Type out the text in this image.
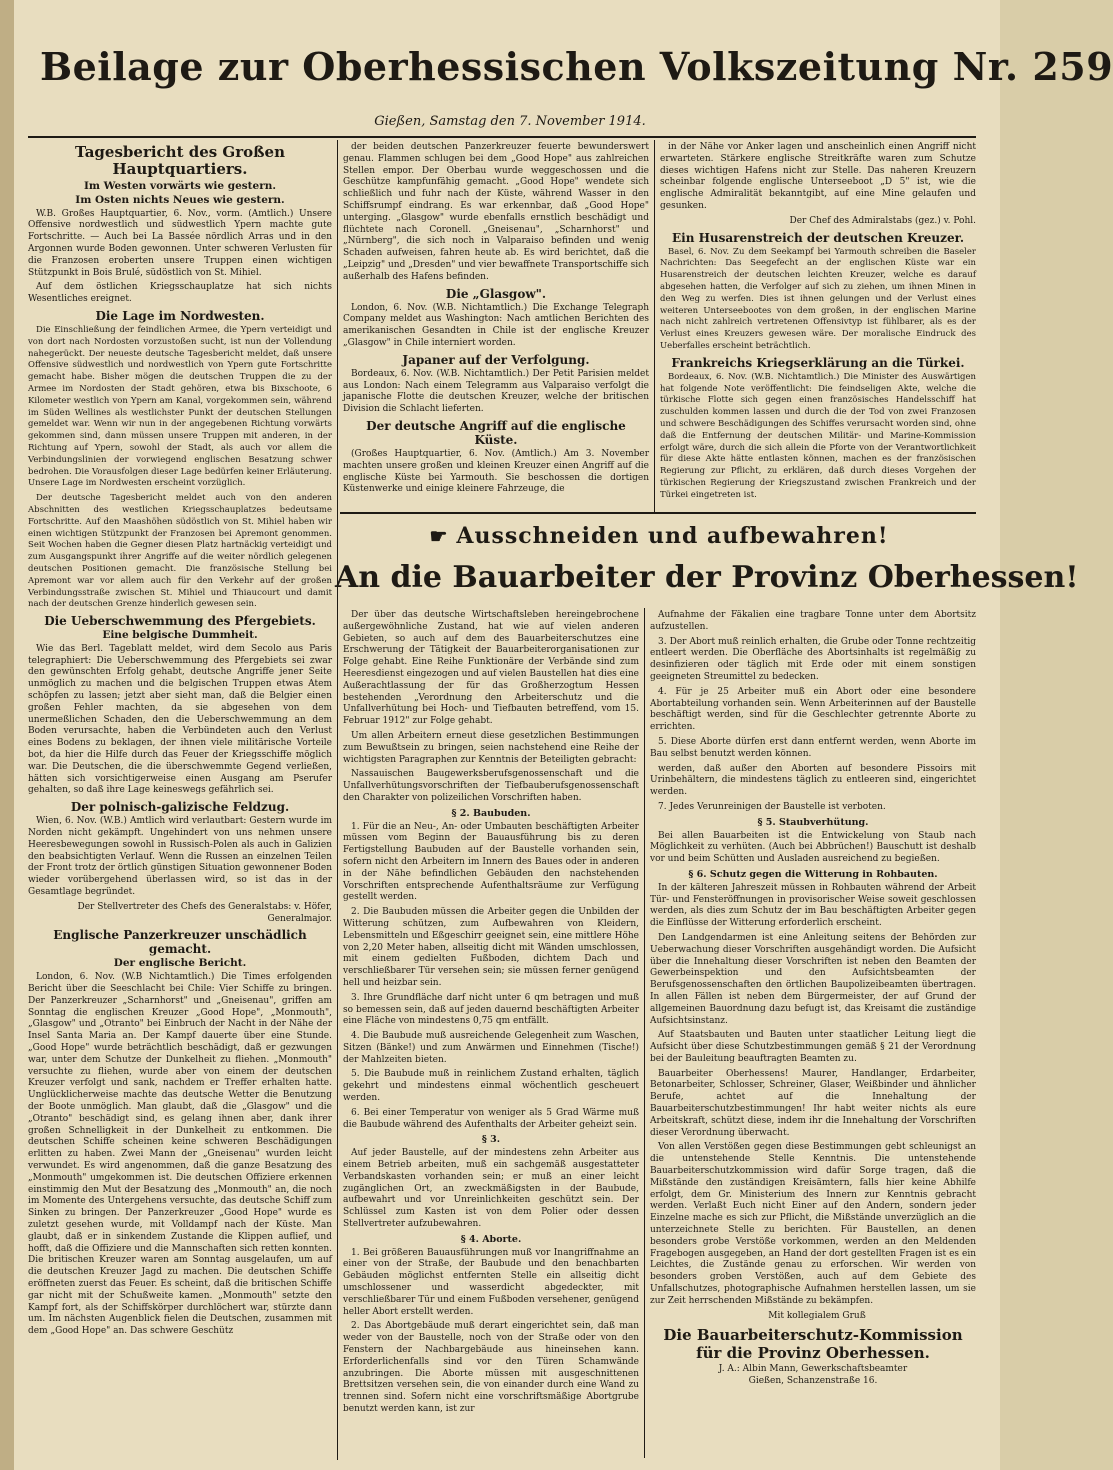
Beilage zur Oberhessischen Volkszeitung Nr. 259
Gießen, Samstag den 7. November 1914.
Tagesbericht des Großen Hauptquartiers.
Im Westen vorwärts wie gestern.
Im Osten nichts Neues wie gestern.

W.B. Großes Hauptquartier, 6. Nov., vorm. (Amtlich.) Unsere Offensive nordwestlich und südwestlich Ypern machte gute Fortschritte. — Auch bei La Bassée nördlich Arras und in den Argonnen wurde Boden gewonnen. Unter schweren Verlusten für die Franzosen eroberten unsere Truppen einen wichtigen Stützpunkt in Bois Brulé, südöstlich von St. Mihiel.

Auf dem östlichen Kriegsschauplatze hat sich nichts Wesentliches ereignet.

Die Lage im Nordwesten.

Die Einschließung der feindlichen Armee, die Ypern verteidigt und von dort nach Nordosten vorzustoßen sucht, ist nun der Vollendung nahegerückt. Der neueste deutsche Tagesbericht meldet, daß unsere Offensive südwestlich und nordwestlich von Ypern gute Fortschritte gemacht habe. Bisher mögen die deutschen Truppen die zu der Armee im Nordosten der Stadt gehören, etwa bis Bixschoote, 6 Kilometer westlich von Ypern am Kanal, vorgekommen sein, während im Süden Wellines als westlichster Punkt der deutschen Stellungen gemeldet war. Wenn wir nun in der angegebenen Richtung vorwärts gekommen sind, dann müssen unsere Truppen mit anderen, in der Richtung auf Ypern, sowohl der Stadt, als auch vor allem die Verbindungslinien der vorwiegend englischen Besatzung schwer bedrohen. Die Vorausfolgen dieser Lage bedürfen keiner Erläuterung. Unsere Lage im Nordwesten erscheint vorzüglich.

Der deutsche Tagesbericht meldet auch von den anderen Abschnitten des westlichen Kriegsschauplatzes bedeutsame Fortschritte. Auf den Maashöhen südöstlich von St. Mihiel haben wir einen wichtigen Stützpunkt der Franzosen bei Apremont genommen. Seit Wochen haben die Gegner diesen Platz hartnäckig verteidigt und zum Ausgangspunkt ihrer Angriffe auf die weiter nördlich gelegenen deutschen Positionen gemacht. Die französische Stellung bei Apremont war vor allem auch für den Verkehr auf der großen Verbindungsstraße zwischen St. Mihiel und Thiaucourt und damit nach der deutschen Grenze hinderlich gewesen sein.

Die Ueberschwemmung des Pfergebiets.
Eine belgische Dummheit.

Wie das Berl. Tageblatt meldet, wird dem Secolo aus Paris telegraphiert: Die Ueberschwemmung des Pfergebiets sei zwar den gewünschten Erfolg gehabt, deutsche Angriffe jener Seite unmöglich zu machen und die belgischen Truppen etwas Atem schöpfen zu lassen; jetzt aber sieht man, daß die Belgier einen großen Fehler machten, da sie abgesehen von dem unermeßlichen Schaden, den die Ueberschwemmung an dem Boden verursachte, haben die Verbündeten auch den Verlust eines Bodens zu beklagen, der ihnen viele militärische Vorteile bot, da hier die Hilfe durch das Feuer der Kriegsschiffe möglich war. Die Deutschen, die die überschwemmte Gegend verließen, hätten sich vorsichtigerweise einen Ausgang am Pserufer gehalten, so daß ihre Lage keineswegs gefährlich sei.

Der polnisch-galizische Feldzug.

Wien, 6. Nov. (W.B.) Amtlich wird verlautbart: Gestern wurde im Norden nicht gekämpft. Ungehindert von uns nehmen unsere Heeresbewegungen sowohl in Russisch-Polen als auch in Galizien den beabsichtigten Verlauf. Wenn die Russen an einzelnen Teilen der Front trotz der örtlich günstigen Situation gewonnener Boden wieder vorübergehend überlassen wird, so ist das in der Gesamtlage begründet.

Der Stellvertreter des Chefs des Generalstabs: v. Höfer, Generalmajor.

Englische Panzerkreuzer unschädlich gemacht.
Der englische Bericht.

London, 6. Nov. (W.B Nichtamtlich.) Die Times erfolgenden Bericht über die Seeschlacht bei Chile: Vier Schiffe zu bringen. Der Panzerkreuzer „Scharnhorst" und „Gneisenau", griffen am Sonntag die englischen Kreuzer „Good Hope", „Monmouth", „Glasgow" und „Otranto" bei Einbruch der Nacht in der Nähe der Insel Santa Maria an. Der Kampf dauerte über eine Stunde. „Good Hope" wurde beträchtlich beschädigt, daß er gezwungen war, unter dem Schutze der Dunkelheit zu fliehen. „Monmouth" versuchte zu fliehen, wurde aber von einem der deutschen Kreuzer verfolgt und sank, nachdem er Treffer erhalten hatte. Unglücklicherweise machte das deutsche Wetter die Benutzung der Boote unmöglich. Man glaubt, daß die „Glasgow" und die „Otranto" beschädigt sind, es gelang ihnen aber, dank ihrer großen Schnelligkeit in der Dunkelheit zu entkommen. Die deutschen Schiffe scheinen keine schweren Beschädigungen erlitten zu haben. Zwei Mann der „Gneisenau" wurden leicht verwundet. Es wird angenommen, daß die ganze Besatzung des „Monmouth" umgekommen ist. Die deutschen Offiziere erkennen einstimmig den Mut der Besatzung des „Monmouth" an, die noch im Momente des Untergehens versuchte, das deutsche Schiff zum Sinken zu bringen. Der Panzerkreuzer „Good Hope" wurde es zuletzt gesehen wurde, mit Volldampf nach der Küste. Man glaubt, daß er in sinkendem Zustande die Klippen auflief, und hofft, daß die Offiziere und die Mannschaften sich retten konnten. Die britischen Kreuzer waren am Sonntag ausgelaufen, um auf die deutschen Kreuzer Jagd zu machen. Die deutschen Schiffe eröffneten zuerst das Feuer. Es scheint, daß die britischen Schiffe gar nicht mit der Schußweite kamen. „Monmouth" setzte den Kampf fort, als der Schiffskörper durchlöchert war, stürzte dann um. Im nächsten Augenblick fielen die Deutschen, zusammen mit dem „Good Hope" an. Das schwere Geschütz

der beiden deutschen Panzerkreuzer feuerte bewunderswert genau. Flammen schlugen bei dem „Good Hope" aus zahlreichen Stellen empor. Der Oberbau wurde weggeschossen und die Geschütze kampfunfähig gemacht. „Good Hope" wendete sich schließlich und fuhr nach der Küste, während Wasser in den Schiffsrumpf eindrang. Es war erkennbar, daß „Good Hope" unterging. „Glasgow" wurde ebenfalls ernstlich beschädigt und flüchtete nach Coronell. „Gneisenau", „Scharnhorst" und „Nürnberg", die sich noch in Valparaiso befinden und wenig Schaden aufweisen, fahren heute ab. Es wird berichtet, daß die „Leipzig" und „Dresden" und vier bewaffnete Transportschiffe sich außerhalb des Hafens befinden.

Die „Glasgow".

London, 6. Nov. (W.B. Nichtamtlich.) Die Exchange Telegraph Company meldet aus Washington: Nach amtlichen Berichten des amerikanischen Gesandten in Chile ist der englische Kreuzer „Glasgow" in Chile interniert worden.

Japaner auf der Verfolgung.

Bordeaux, 6. Nov. (W.B. Nichtamtlich.) Der Petit Parisien meldet aus London: Nach einem Telegramm aus Valparaiso verfolgt die japanische Flotte die deutschen Kreuzer, welche der britischen Division die Schlacht lieferten.

Der deutsche Angriff auf die englische Küste.

(Großes Hauptquartier, 6. Nov. (Amtlich.) Am 3. November machten unsere großen und kleinen Kreuzer einen Angriff auf die englische Küste bei Yarmouth. Sie beschossen die dortigen Küstenwerke und einige kleinere Fahrzeuge, die

in der Nähe vor Anker lagen und anscheinlich einen Angriff nicht erwarteten. Stärkere englische Streitkräfte waren zum Schutze dieses wichtigen Hafens nicht zur Stelle. Das naheren Kreuzern scheinbar folgende englische Unterseeboot „D 5" ist, wie die englische Admiralität bekanntgibt, auf eine Mine gelaufen und gesunken.

Der Chef des Admiralstabs (gez.) v. Pohl.

Ein Husarenstreich der deutschen Kreuzer.

Basel, 6. Nov. Zu dem Seekampf bei Yarmouth schreiben die Baseler Nachrichten: Das Seegefecht an der englischen Küste war ein Husarenstreich der deutschen leichten Kreuzer, welche es darauf abgesehen hatten, die Verfolger auf sich zu ziehen, um ihnen Minen in den Weg zu werfen. Dies ist ihnen gelungen und der Verlust eines weiteren Unterseebootes von dem großen, in der englischen Marine nach nicht zahlreich vertretenen Offensivtyp ist fühlbarer, als es der Verlust eines Kreuzers gewesen wäre. Der moralische Eindruck des Ueberfalles erscheint beträchtlich.

Frankreichs Kriegserklärung an die Türkei.

Bordeaux, 6. Nov. (W.B. Nichtamtlich.) Die Minister des Auswärtigen hat folgende Note veröffentlicht: Die feindseligen Akte, welche die türkische Flotte sich gegen einen französisches Handelsschiff hat zuschulden kommen lassen und durch die der Tod von zwei Franzosen und schwere Beschädigungen des Schiffes verursacht worden sind, ohne daß die Entfernung der deutschen Militär- und Marine-Kommission erfolgt wäre, durch die sich allein die Pforte von der Verantwortlichkeit für diese Akte hätte entlasten können, machen es der französischen Regierung zur Pflicht, zu erklären, daß durch dieses Vorgehen der türkischen Regierung der Kriegszustand zwischen Frankreich und der Türkei eingetreten ist.

☛ Ausschneiden und aufbewahren!
An die Bauarbeiter der Provinz Oberhessen!

Der über das deutsche Wirtschaftsleben hereingebrochene außergewöhnliche Zustand, hat wie auf vielen anderen Gebieten, so auch auf dem des Bauarbeiterschutzes eine Erschwerung der Tätigkeit der Bauarbeiterorganisationen zur Folge gehabt. Eine Reihe Funktionäre der Verbände sind zum Heeresdienst eingezogen und auf vielen Baustellen hat dies eine Außerachtlassung der für das Großherzogtum Hessen bestehenden „Verordnung den Arbeiterschutz und die Unfallverhütung bei Hoch- und Tiefbauten betreffend, vom 15. Februar 1912" zur Folge gehabt.

Um allen Arbeitern erneut diese gesetzlichen Bestimmungen zum Bewußtsein zu bringen, seien nachstehend eine Reihe der wichtigsten Paragraphen zur Kenntnis der Beteiligten gebracht:

Nassauischen Baugewerksberufsgenossenschaft und die Unfallverhütungsvorschriften der Tiefbauberufsgenossenschaft den Charakter von polizeilichen Vorschriften haben.

§ 2. Baubuden.

1. Für die an Neu-, An- oder Umbauten beschäftigten Arbeiter müssen vom Beginn der Bauausführung bis zu deren Fertigstellung Baubuden auf der Baustelle vorhanden sein, sofern nicht den Arbeitern im Innern des Baues oder in anderen in der Nähe befindlichen Gebäuden den nachstehenden Vorschriften entsprechende Aufenthaltsräume zur Verfügung gestellt werden.

2. Die Baubuden müssen die Arbeiter gegen die Unbilden der Witterung schützen, zum Aufbewahren von Kleidern, Lebensmitteln und Eßgeschirr geeignet sein, eine mittlere Höhe von 2,20 Meter haben, allseitig dicht mit Wänden umschlossen, mit einem gedielten Fußboden, dichtem Dach und verschließbarer Tür versehen sein; sie müssen ferner genügend hell und heizbar sein.

3. Ihre Grundfläche darf nicht unter 6 qm betragen und muß so bemessen sein, daß auf jeden dauernd beschäftigten Arbeiter eine Fläche von mindestens 0,75 qm entfällt.

4. Die Baubude muß ausreichende Gelegenheit zum Waschen, Sitzen (Bänke!) und zum Anwärmen und Einnehmen (Tische!) der Mahlzeiten bieten.

5. Die Baubude muß in reinlichem Zustand erhalten, täglich gekehrt und mindestens einmal wöchentlich gescheuert werden.

6. Bei einer Temperatur von weniger als 5 Grad Wärme muß die Baubude während des Aufenthalts der Arbeiter geheizt sein.

§ 3.

Auf jeder Baustelle, auf der mindestens zehn Arbeiter aus einem Betrieb arbeiten, muß ein sachgemäß ausgestatteter Verbandskasten vorhanden sein; er muß an einer leicht zugänglichen Ort, an zweckmäßigsten in der Baubude, aufbewahrt und vor Unreinlichkeiten geschützt sein. Der Schlüssel zum Kasten ist von dem Polier oder dessen Stellvertreter aufzubewahren.

§ 4. Aborte.

1. Bei größeren Bauausführungen muß vor Inangriffnahme an einer von der Straße, der Baubude und den benachbarten Gebäuden möglichst entfernten Stelle ein allseitig dicht umschlossener und wasserdicht abgedeckter, mit verschließbarer Tür und einem Fußboden versehener, genügend heller Abort erstellt werden.

2. Das Abortgebäude muß derart eingerichtet sein, daß man weder von der Baustelle, noch von der Straße oder von den Fenstern der Nachbargebäude aus hineinsehen kann. Erforderlichenfalls sind vor den Türen Schamwände anzubringen. Die Aborte müssen mit ausgeschnittenen Brettsitzen versehen sein, die von einander durch eine Wand zu trennen sind. Sofern nicht eine vorschriftsmäßige Abortgrube benutzt werden kann, ist zur

Aufnahme der Fäkalien eine tragbare Tonne unter dem Abortsitz aufzustellen.

3. Der Abort muß reinlich erhalten, die Grube oder Tonne rechtzeitig entleert werden. Die Oberfläche des Abortsinhalts ist regelmäßig zu desinfizieren oder täglich mit Erde oder mit einem sonstigen geeigneten Streumittel zu bedecken.

4. Für je 25 Arbeiter muß ein Abort oder eine besondere Abortabteilung vorhanden sein. Wenn Arbeiterinnen auf der Baustelle beschäftigt werden, sind für die Geschlechter getrennte Aborte zu errichten.

5. Diese Aborte dürfen erst dann entfernt werden, wenn Aborte im Bau selbst benutzt werden können.

werden, daß außer den Aborten auf besondere Pissoirs mit Urinbehältern, die mindestens täglich zu entleeren sind, eingerichtet werden.

7. Jedes Verunreinigen der Baustelle ist verboten.

§ 5. Staubverhütung.

Bei allen Bauarbeiten ist die Entwickelung von Staub nach Möglichkeit zu verhüten. (Auch bei Abbrüchen!) Bauschutt ist deshalb vor und beim Schütten und Ausladen ausreichend zu begießen.

§ 6. Schutz gegen die Witterung in Rohbauten.

In der kälteren Jahreszeit müssen in Rohbauten während der Arbeit Tür- und Fensteröffnungen in provisorischer Weise soweit geschlossen werden, als dies zum Schutz der im Bau beschäftigten Arbeiter gegen die Einflüsse der Witterung erforderlich erscheint.

Den Landgendarmen ist eine Anleitung seitens der Behörden zur Ueberwachung dieser Vorschriften ausgehändigt worden. Die Aufsicht über die Innehaltung dieser Vorschriften ist neben den Beamten der Gewerbeinspektion und den Aufsichtsbeamten der Berufsgenossenschaften den örtlichen Baupolizeibeamten übertragen. In allen Fällen ist neben dem Bürgermeister, der auf Grund der allgemeinen Bauordnung dazu befugt ist, das Kreisamt die zuständige Aufsichtsinstanz.

Auf Staatsbauten und Bauten unter staatlicher Leitung liegt die Aufsicht über diese Schutzbestimmungen gemäß § 21 der Verordnung bei der Bauleitung beauftragten Beamten zu.

Bauarbeiter Oberhessens! Maurer, Handlanger, Erdarbeiter, Betonarbeiter, Schlosser, Schreiner, Glaser, Weißbinder und ähnlicher Berufe, achtet auf die Innehaltung der Bauarbeiterschutzbestimmungen! Ihr habt weiter nichts als eure Arbeitskraft, schützt diese, indem ihr die Innehaltung der Vorschriften dieser Verordnung überwacht.

Von allen Verstößen gegen diese Bestimmungen gebt schleunigst an die untenstehende Stelle Kenntnis. Die untenstehende Bauarbeiterschutzkommission wird dafür Sorge tragen, daß die Mißstände den zuständigen Kreisämtern, falls hier keine Abhilfe erfolgt, dem Gr. Ministerium des Innern zur Kenntnis gebracht werden. Verlaßt Euch nicht Einer auf den Andern, sondern jeder Einzelne mache es sich zur Pflicht, die Mißstände unverzüglich an die unterzeichnete Stelle zu berichten. Für Baustellen, an denen besonders grobe Verstöße vorkommen, werden an den Meldenden Fragebogen ausgegeben, an Hand der dort gestellten Fragen ist es ein Leichtes, die Zustände genau zu erforschen. Wir werden von besonders groben Verstößen, auch auf dem Gebiete des Unfallschutzes, photographische Aufnahmen herstellen lassen, um sie zur Zeit herrschenden Mißstände zu bekämpfen.

Mit kollegialem Gruß

Die Bauarbeiterschutz-Kommission für die Provinz Oberhessen.
J. A.: Albin Mann, Gewerkschaftsbeamter
Gießen, Schanzenstraße 16.
